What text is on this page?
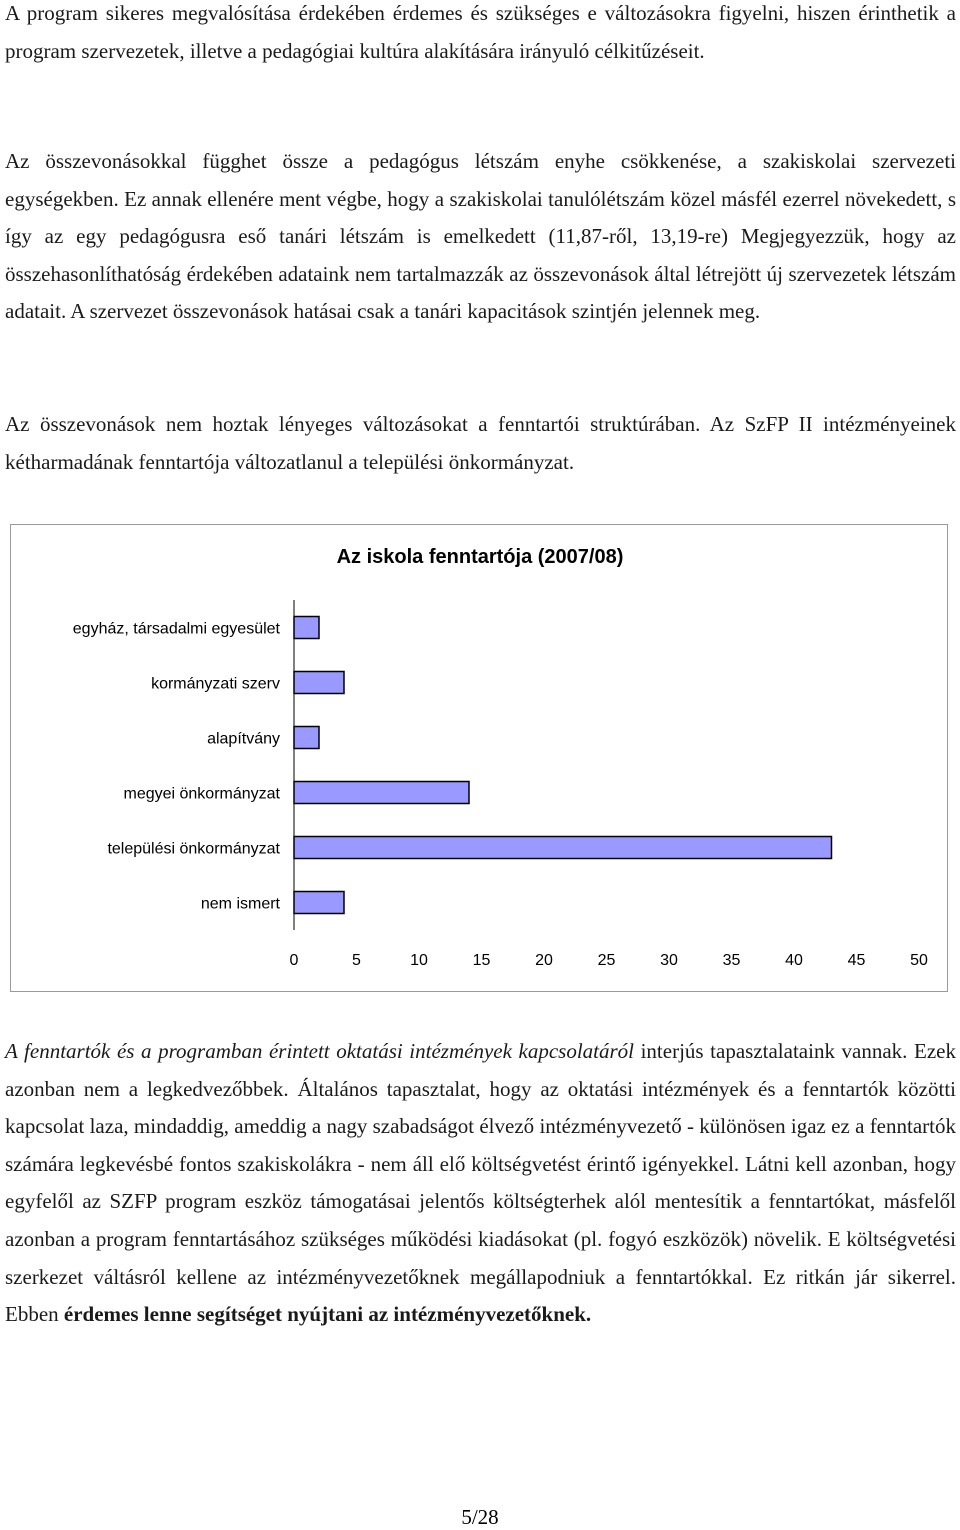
A program sikeres megvalósítása érdekében érdemes és szükséges e változásokra figyelni, hiszen érinthetik a program szervezetek, illetve a pedagógiai kultúra alakítására irányuló célkitűzéseit.

Az összevonásokkal függhet össze a pedagógus létszám enyhe csökkenése, a szakiskolai szervezeti egységekben. Ez annak ellenére ment végbe, hogy a szakiskolai tanulólétszám közel másfél ezerrel növekedett, s így az egy pedagógusra eső tanári létszám is emelkedett (11,87-ről, 13,19-re) Megjegyezzük, hogy az összehasonlíthatóság érdekében adataink nem tartalmazzák az összevonások által létrejött új szervezetek létszám adatait. A szervezet összevonások hatásai csak a tanári kapacitások szintjén jelennek meg.

Az összevonások nem hoztak lényeges változásokat a fenntartói struktúrában. Az SzFP II intézményeinek kétharmadának fenntartója változatlanul a települési önkormányzat.

Az iskola fenntartója (2007/08)
egyház, társadalmi egyesület
kormányzati szerv
alapítvány
megyei önkormányzat
települési önkormányzat
nem ismert
0	5	10	15	20	25	30	35	40	45	50

A fenntartók és a programban érintett oktatási intézmények kapcsolatáról interjús tapasztalataink vannak. Ezek azonban nem a legkedvezőbbek. Általános tapasztalat, hogy az oktatási intézmények és a fenntartók közötti kapcsolat laza, mindaddig, ameddig a nagy szabadságot élvező intézményvezető - különösen igaz ez a fenntartók számára legkevésbé fontos szakiskolákra - nem áll elő költségvetést érintő igényekkel. Látni kell azonban, hogy egyfelől az SZFP program eszköz támogatásai jelentős költségterhek alól mentesítik a fenntartókat, másfelől azonban a program fenntartásához szükséges működési kiadásokat (pl. fogyó eszközök) növelik. E költségvetési szerkezet váltásról kellene az intézményvezetőknek megállapodniuk a fenntartókkal. Ez ritkán jár sikerrel. Ebben érdemes lenne segítséget nyújtani az intézményvezetőknek.

5/28
